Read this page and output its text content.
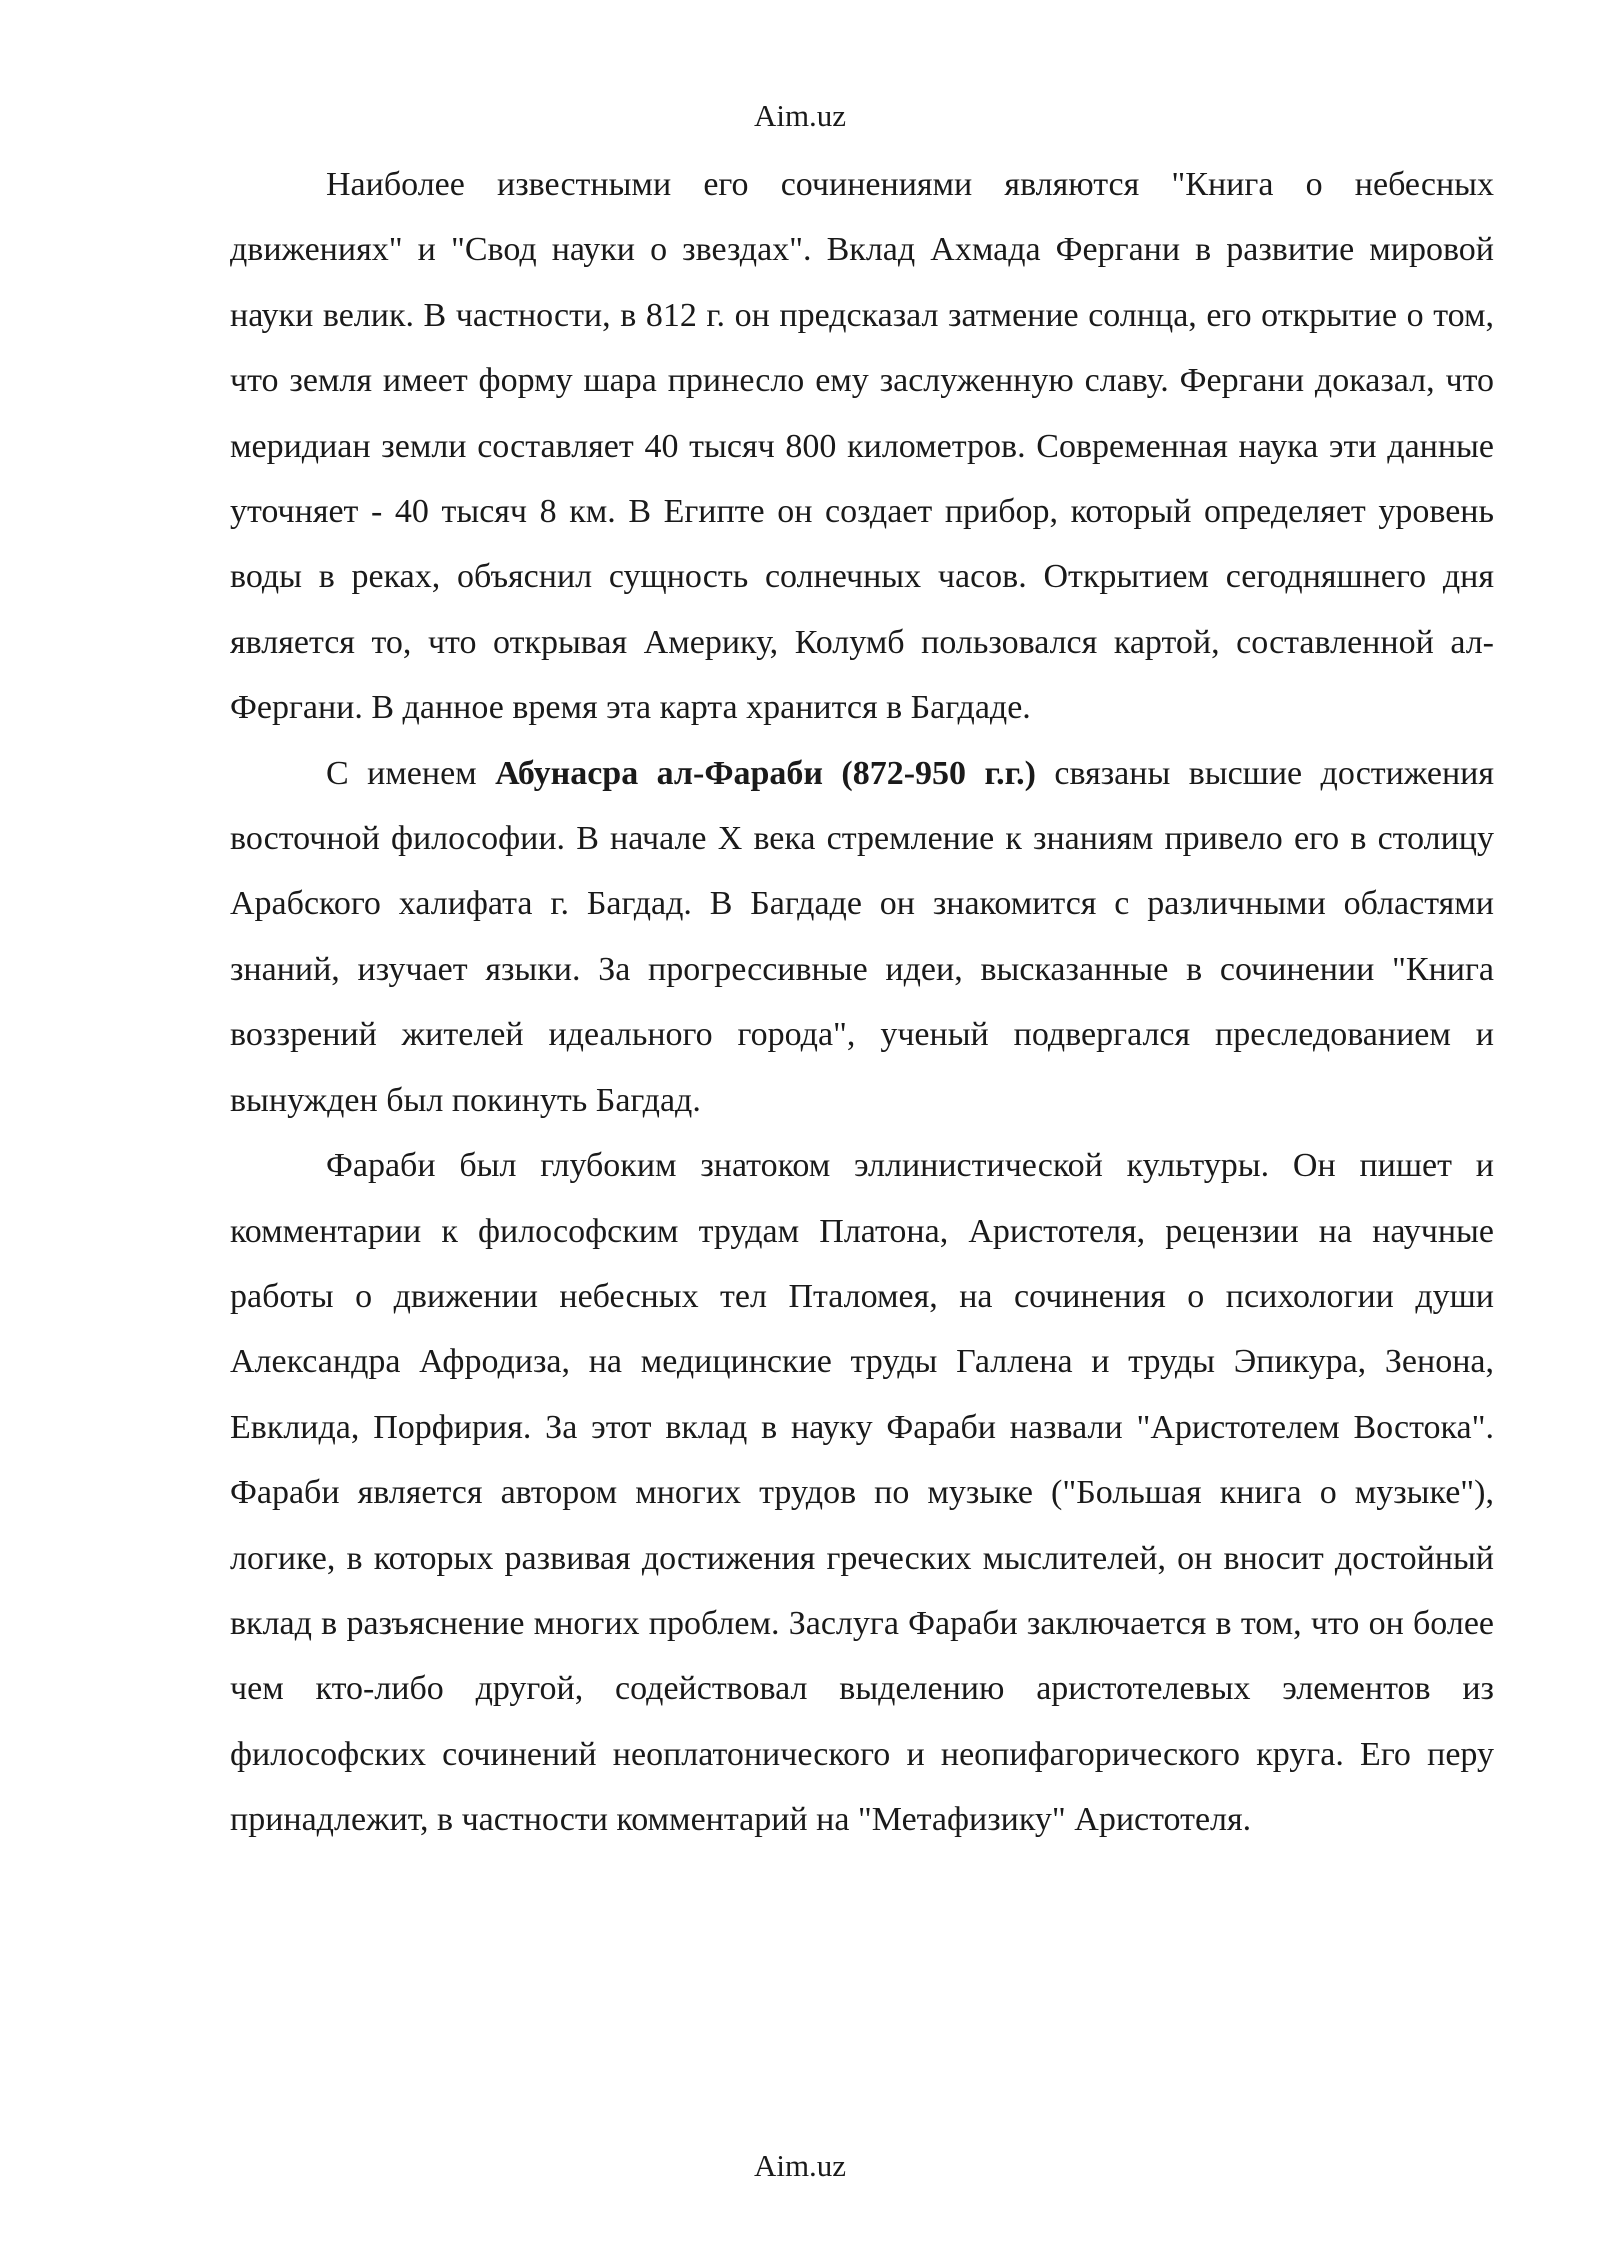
Aim.uz

Наиболее известными его сочинениями являются "Книга о небесных движениях" и "Свод науки о звездах". Вклад Ахмада Фергани в развитие мировой науки велик. В частности, в 812 г. он предсказал затмение солнца, его открытие о том, что земля имеет форму шара принесло ему заслуженную славу. Фергани доказал, что меридиан земли составляет 40 тысяч 800 километров. Современная наука эти данные уточняет - 40 тысяч 8 км. В Египте он создает прибор, который определяет уровень воды в реках, объяснил сущность солнечных часов. Открытием сегодняшнего дня является то, что открывая Америку, Колумб пользовался картой, составленной ал-Фергани. В данное время эта карта хранится в Багдаде.

С именем Абунасра ал-Фараби (872-950 г.г.) связаны высшие достижения восточной философии. В начале X века стремление к знаниям привело его в столицу Арабского халифата г. Багдад. В Багдаде он знакомится с различными областями знаний, изучает языки. За прогрессивные идеи, высказанные в сочинении "Книга воззрений жителей идеального города", ученый подвергался преследованием и вынужден был покинуть Багдад.

Фараби был глубоким знатоком эллинистической культуры. Он пишет и комментарии к философским трудам Платона, Аристотеля, рецензии на научные работы о движении небесных тел Пталомея, на сочинения о психологии души Александра Афродиза, на медицинские труды Галлена и труды Эпикура, Зенона, Евклида, Порфирия. За этот вклад в науку Фараби назвали "Аристотелем Востока". Фараби является автором многих трудов по музыке ("Большая книга о музыке"), логике, в которых развивая достижения греческих мыслителей, он вносит достойный вклад в разъяснение многих проблем. Заслуга Фараби заключается в том, что он более чем кто-либо другой, содействовал выделению аристотелевых элементов из философских сочинений неоплатонического и неопифагорического круга. Его перу принадлежит, в частности комментарий на "Метафизику" Аристотеля.

Aim.uz
